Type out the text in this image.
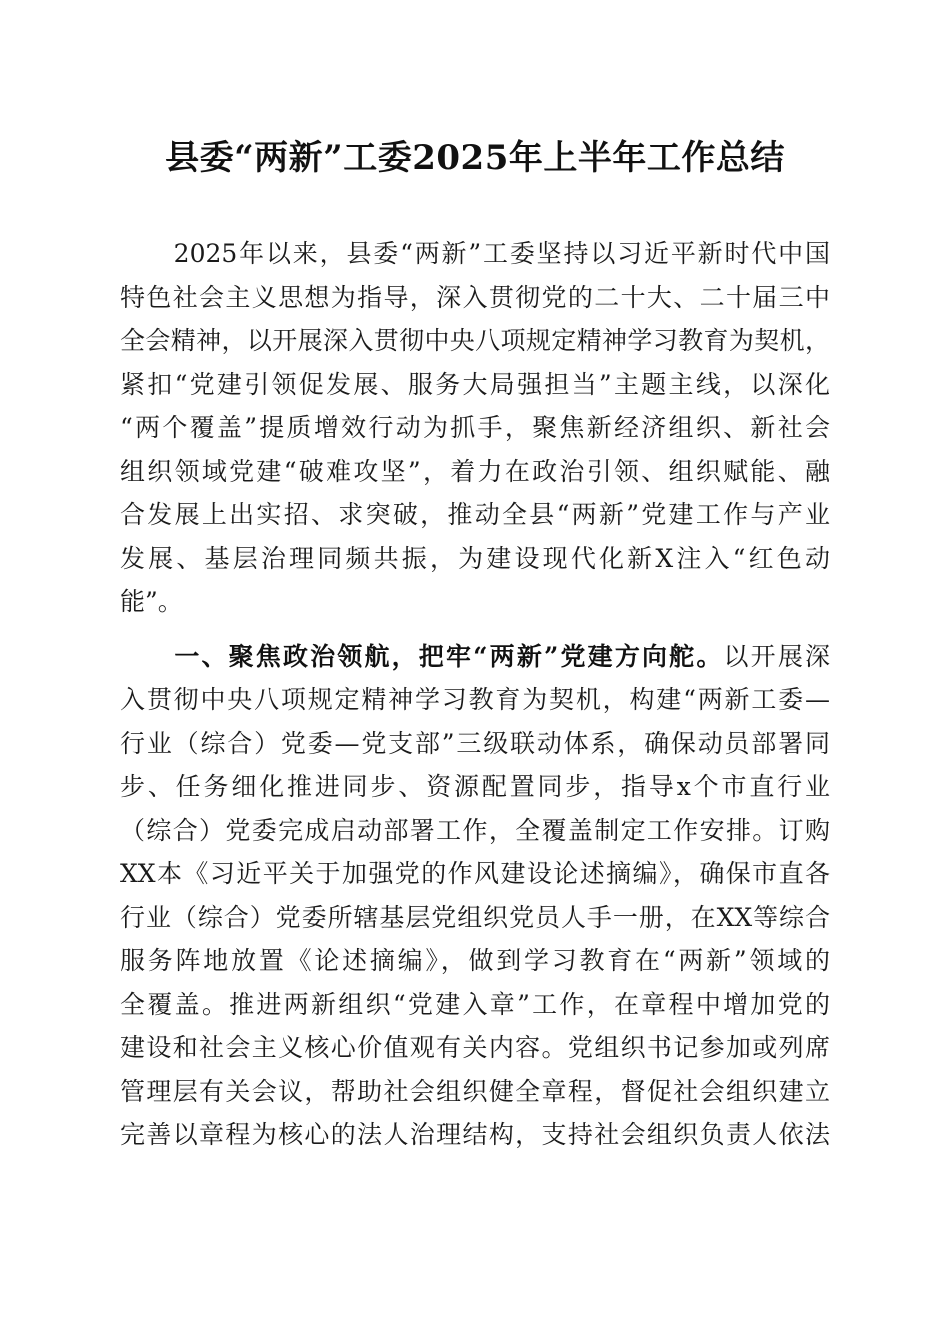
县委“两新”工委2025年上半年工作总结
　　2025年以来，县委“两新”工委坚持以习近平新时代中国
特色社会主义思想为指导，深入贯彻党的二十大、二十届三中
全会精神，以开展深入贯彻中央八项规定精神学习教育为契机，
紧扣“党建引领促发展、服务大局强担当”主题主线，以深化
“两个覆盖”提质增效行动为抓手，聚焦新经济组织、新社会
组织领域党建“破难攻坚”，着力在政治引领、组织赋能、融
合发展上出实招、求突破，推动全县“两新”党建工作与产业
发展、基层治理同频共振，为建设现代化新X注入“红色动
能”。
　　一、聚焦政治领航，把牢“两新”党建方向舵。以开展深
入贯彻中央八项规定精神学习教育为契机，构建“两新工委—
行业（综合）党委—党支部”三级联动体系，确保动员部署同
步、任务细化推进同步、资源配置同步，指导x个市直行业
（综合）党委完成启动部署工作，全覆盖制定工作安排。订购
XX本《习近平关于加强党的作风建设论述摘编》，确保市直各
行业（综合）党委所辖基层党组织党员人手一册，在XX等综合
服务阵地放置《论述摘编》，做到学习教育在“两新”领域的
全覆盖。推进两新组织“党建入章”工作，在章程中增加党的
建设和社会主义核心价值观有关内容。党组织书记参加或列席
管理层有关会议，帮助社会组织健全章程，督促社会组织建立
完善以章程为核心的法人治理结构，支持社会组织负责人依法
